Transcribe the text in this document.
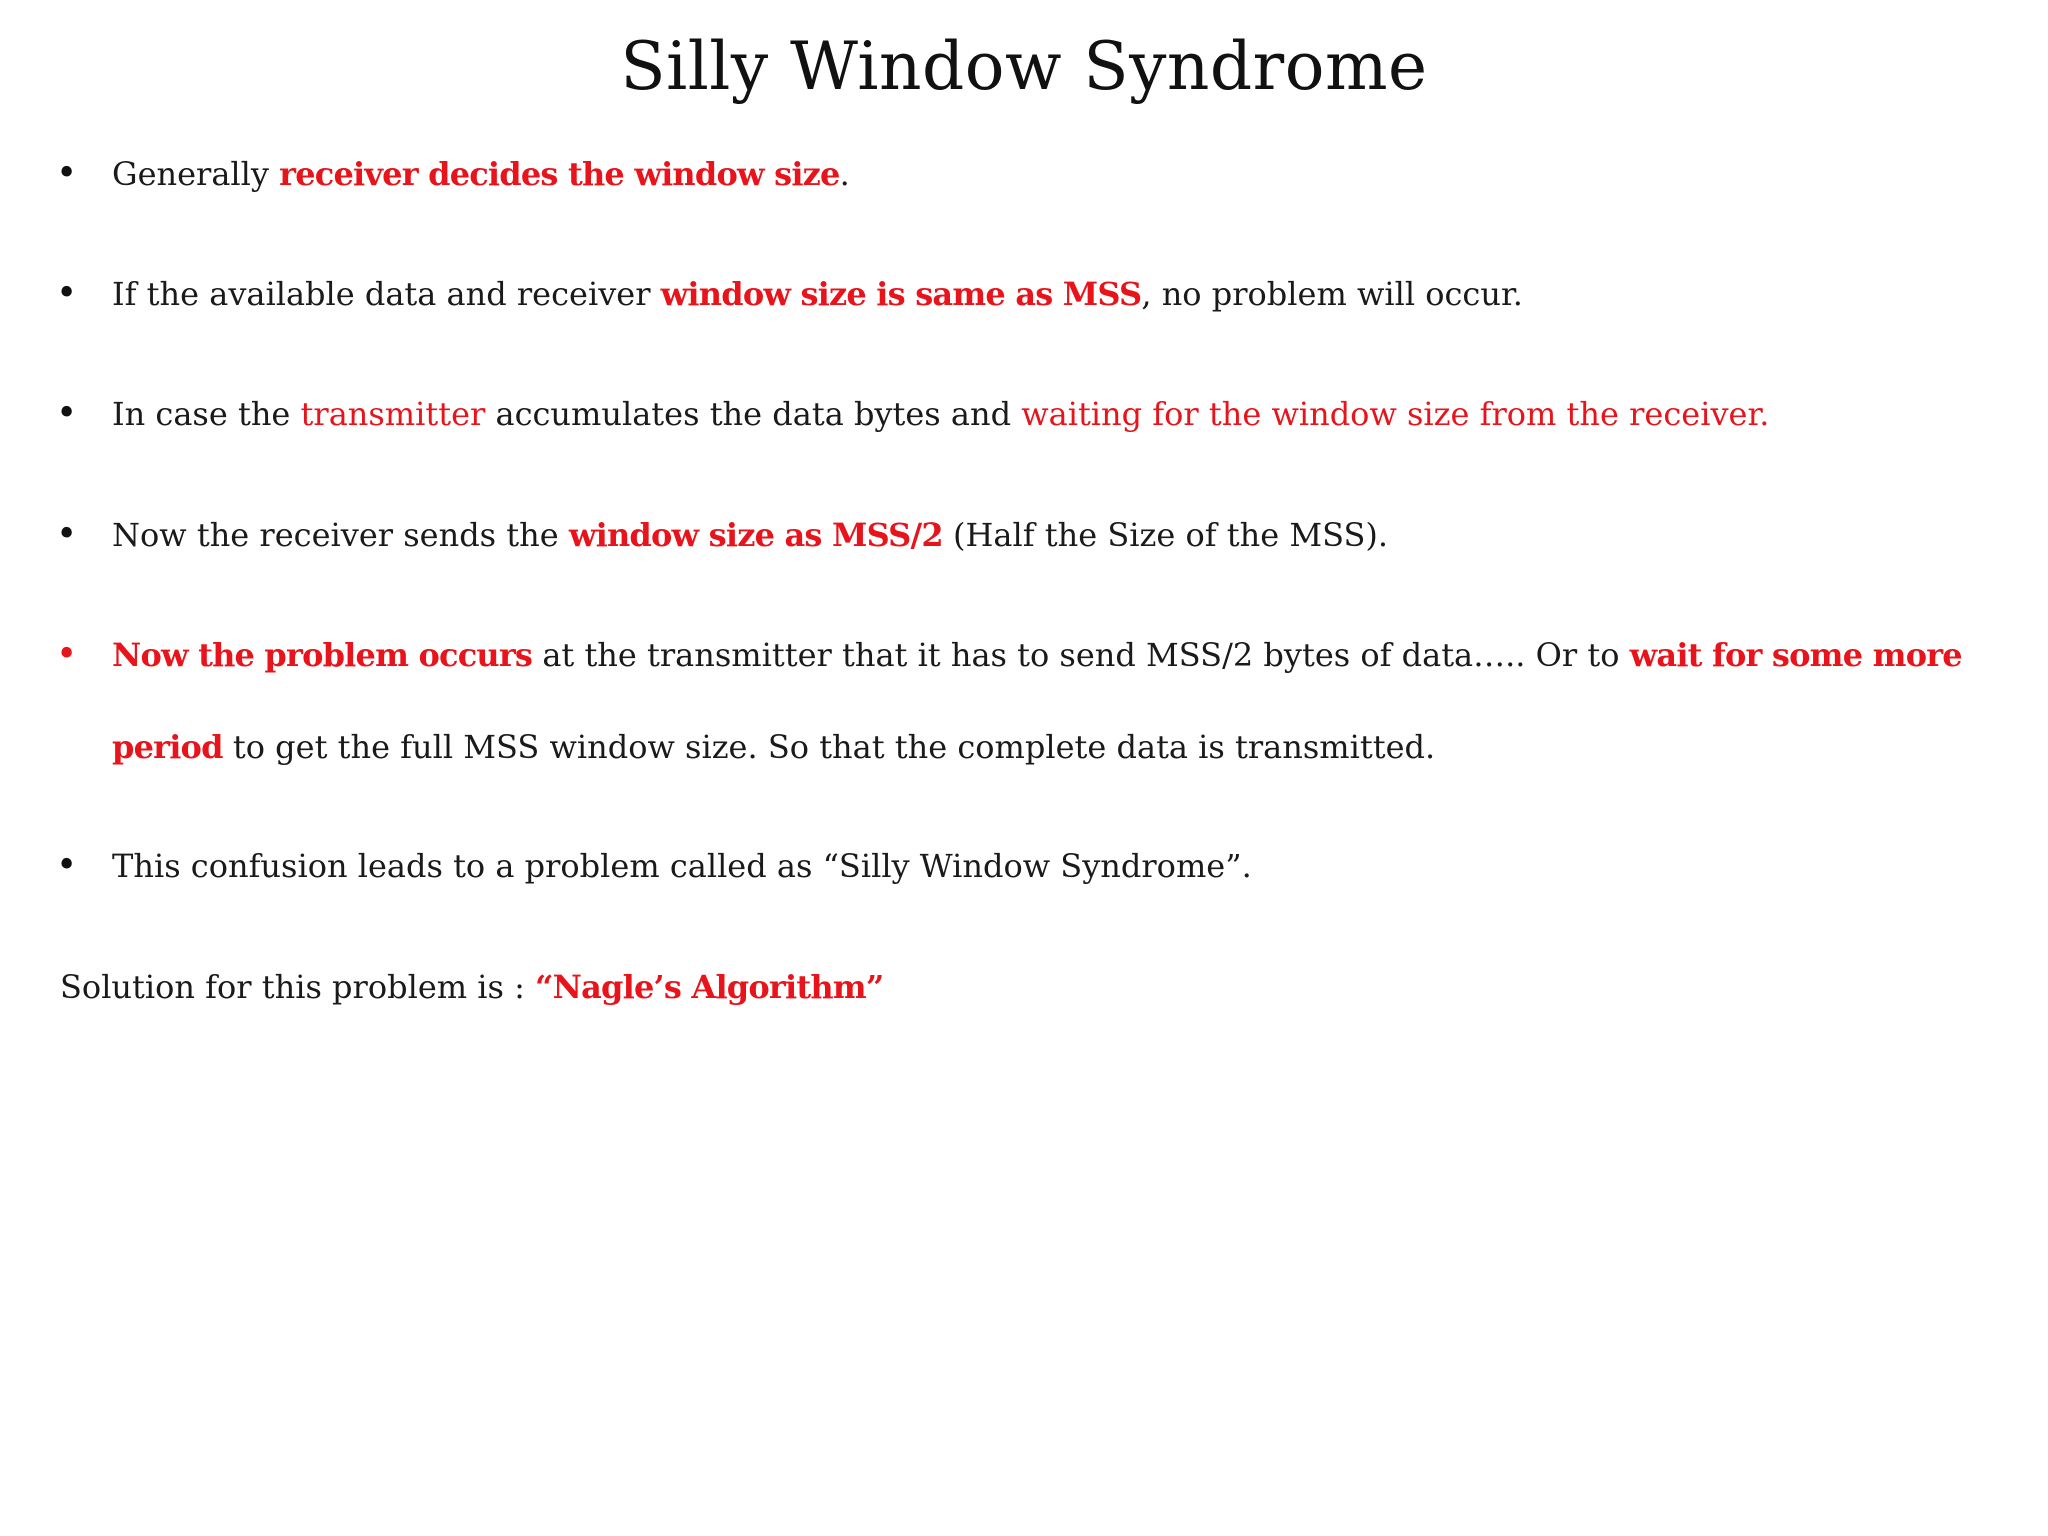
Silly Window Syndrome
• Generally receiver decides the window size.
• If the available data and receiver window size is same as MSS, no problem will occur.
• In case the transmitter accumulates the data bytes and waiting for the window size from the receiver.
• Now the receiver sends the window size as MSS/2 (Half the Size of the MSS).
• Now the problem occurs at the transmitter that it has to send MSS/2 bytes of data….. Or to wait for some more period to get the full MSS window size. So that the complete data is transmitted.
• This confusion leads to a problem called as “Silly Window Syndrome”.
Solution for this problem is : “Nagle’s Algorithm”
